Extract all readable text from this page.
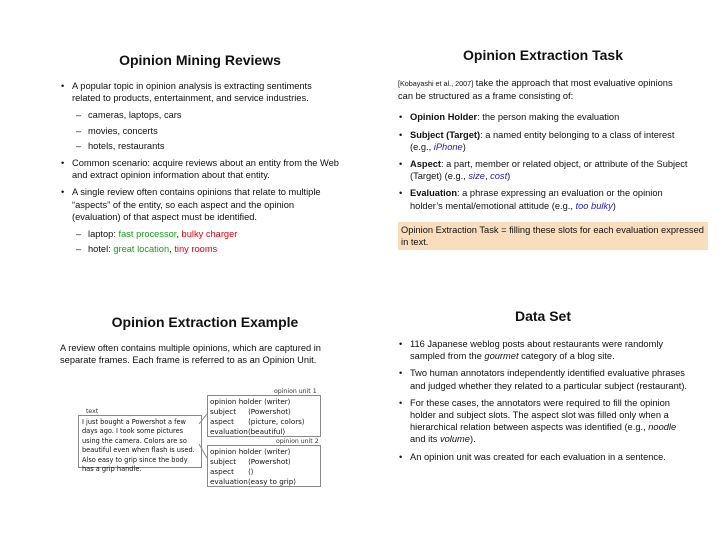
Opinion Mining Reviews
• A popular topic in opinion analysis is extracting sentiments related to products, entertainment, and service industries.
– cameras, laptops, cars
– movies, concerts
– hotels, restaurants
• Common scenario: acquire reviews about an entity from the Web and extract opinion information about that entity.
• A single review often contains opinions that relate to multiple “aspects” of the entity, so each aspect and the opinion (evaluation) of that aspect must be identified.
– laptop: fast processor, bulky charger
– hotel: great location, tiny rooms
Opinion Extraction Task

[Kobayashi et al., 2007] take the approach that most evaluative opinions can be structured as a frame consisting of:

• Opinion Holder: the person making the evaluation
• Subject (Target): a named entity belonging to a class of interest (e.g., iPhone)
• Aspect: a part, member or related object, or attribute of the Subject (Target) (e.g., size, cost)
• Evaluation: a phrase expressing an evaluation or the opinion holder’s mental/emotional attitude (e.g., too bulky)
Opinion Extraction Task = filling these slots for each evaluation expressed in text.
Opinion Extraction Example

A review often contains multiple opinions, which are captured in separate frames. Each frame is referred to as an Opinion Unit.

text
I just bought a Powershot a few days ago. I took some pictures using the camera. Colors are so beautiful even when flash is used. Also easy to grip since the body has a grip handle.
opinion unit 1
opinion holder ⟨writer⟩
subject ⟨Powershot⟩
aspect ⟨picture, colors⟩
evaluation⟨beautiful⟩
opinion unit 2
opinion holder ⟨writer⟩
subject ⟨Powershot⟩
aspect ⟨⟩
evaluation⟨easy to grip⟩
Data Set
• 116 Japanese weblog posts about restaurants were randomly sampled from the gourmet category of a blog site.
• Two human annotators independently identified evaluative phrases and judged whether they related to a particular subject (restaurant).
• For these cases, the annotators were required to fill the opinion holder and subject slots. The aspect slot was filled only when a hierarchical relation between aspects was identified (e.g., noodle and its volume).
• An opinion unit was created for each evaluation in a sentence.
